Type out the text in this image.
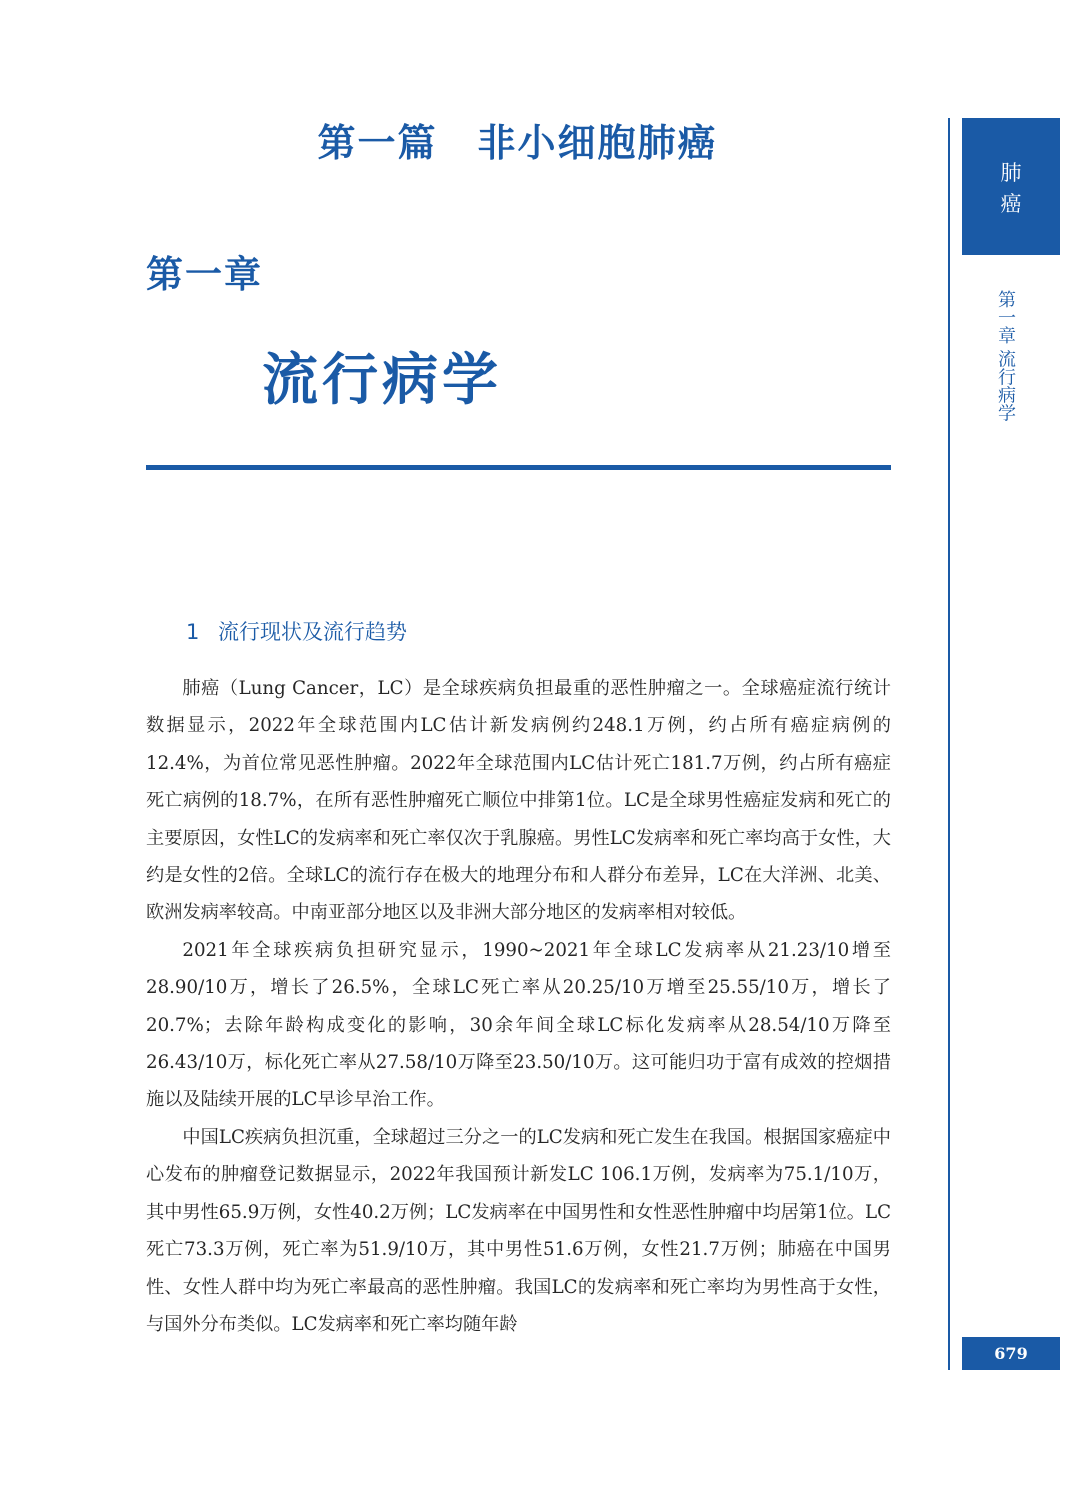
第一篇　非小细胞肺癌
第一章
流行病学
1 流行现状及流行趋势

肺癌（Lung Cancer，LC）是全球疾病负担最重的恶性肿瘤之一。全球癌症流行统计数据显示，2022年全球范围内LC估计新发病例约248.1万例，约占所有癌症病例的12.4%，为首位常见恶性肿瘤。2022年全球范围内LC估计死亡181.7万例，约占所有癌症死亡病例的18.7%，在所有恶性肿瘤死亡顺位中排第1位。LC是全球男性癌症发病和死亡的主要原因，女性LC的发病率和死亡率仅次于乳腺癌。男性LC发病率和死亡率均高于女性，大约是女性的2倍。全球LC的流行存在极大的地理分布和人群分布差异，LC在大洋洲、北美、欧洲发病率较高。中南亚部分地区以及非洲大部分地区的发病率相对较低。

2021年全球疾病负担研究显示，1990~2021年全球LC发病率从21.23/10增至28.90/10万，增长了26.5%，全球LC死亡率从20.25/10万增至25.55/10万，增长了20.7%；去除年龄构成变化的影响，30余年间全球LC标化发病率从28.54/10万降至26.43/10万，标化死亡率从27.58/10万降至23.50/10万。这可能归功于富有成效的控烟措施以及陆续开展的LC早诊早治工作。

中国LC疾病负担沉重，全球超过三分之一的LC发病和死亡发生在我国。根据国家癌症中心发布的肿瘤登记数据显示，2022年我国预计新发LC 106.1万例，发病率为75.1/10万，其中男性65.9万例，女性40.2万例；LC发病率在中国男性和女性恶性肿瘤中均居第1位。LC死亡73.3万例，死亡率为51.9/10万，其中男性51.6万例，女性21.7万例；肺癌在中国男性、女性人群中均为死亡率最高的恶性肿瘤。我国LC的发病率和死亡率均为男性高于女性，与国外分布类似。LC发病率和死亡率均随年龄

肺
癌
第一章 流行病学
679
